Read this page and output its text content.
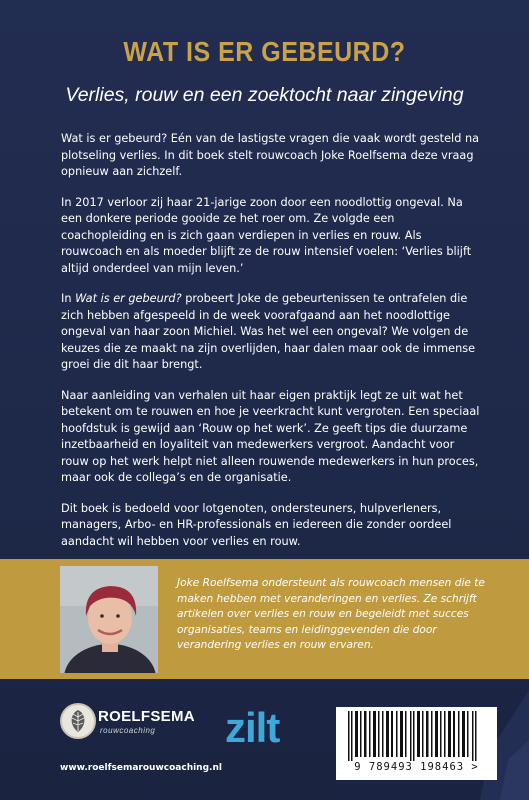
WAT IS ER GEBEURD?
Verlies, rouw en een zoektocht naar zingeving

Wat is er gebeurd? Eén van de lastigste vragen die vaak wordt gesteld na plotseling verlies. In dit boek stelt rouwcoach Joke Roelfsema deze vraag opnieuw aan zichzelf.

In 2017 verloor zij haar 21-jarige zoon door een noodlottig ongeval. Na een donkere periode gooide ze het roer om. Ze volgde een coachopleiding en is zich gaan verdiepen in verlies en rouw. Als rouwcoach en als moeder blijft ze de rouw intensief voelen: ‘Verlies blijft altijd onderdeel van mijn leven.’

In Wat is er gebeurd? probeert Joke de gebeurtenissen te ontrafelen die zich hebben afgespeeld in de week voorafgaand aan het noodlottige ongeval van haar zoon Michiel. Was het wel een ongeval? We volgen de keuzes die ze maakt na zijn overlijden, haar dalen maar ook de immense groei die dit haar brengt.

Naar aanleiding van verhalen uit haar eigen praktijk legt ze uit wat het betekent om te rouwen en hoe je veerkracht kunt vergroten. Een speciaal hoofdstuk is gewijd aan ‘Rouw op het werk’. Ze geeft tips die duurzame inzetbaarheid en loyaliteit van medewerkers vergroot. Aandacht voor rouw op het werk helpt niet alleen rouwende medewerkers in hun proces, maar ook de collega’s en de organisatie.

Dit boek is bedoeld voor lotgenoten, ondersteuners, hulpverleners, managers, Arbo- en HR-professionals en iedereen die zonder oordeel aandacht wil hebben voor verlies en rouw.

Joke Roelfsema ondersteunt als rouwcoach mensen die te maken hebben met veranderingen en verlies. Ze schrijft artikelen over verlies en rouw en begeleidt met succes organisaties, teams en leidinggevenden die door verandering verlies en rouw ervaren.
ROELFSEMA
rouwcoaching zilt
www.roelfsemarouwcoaching.nl	9 789493 198463 >
